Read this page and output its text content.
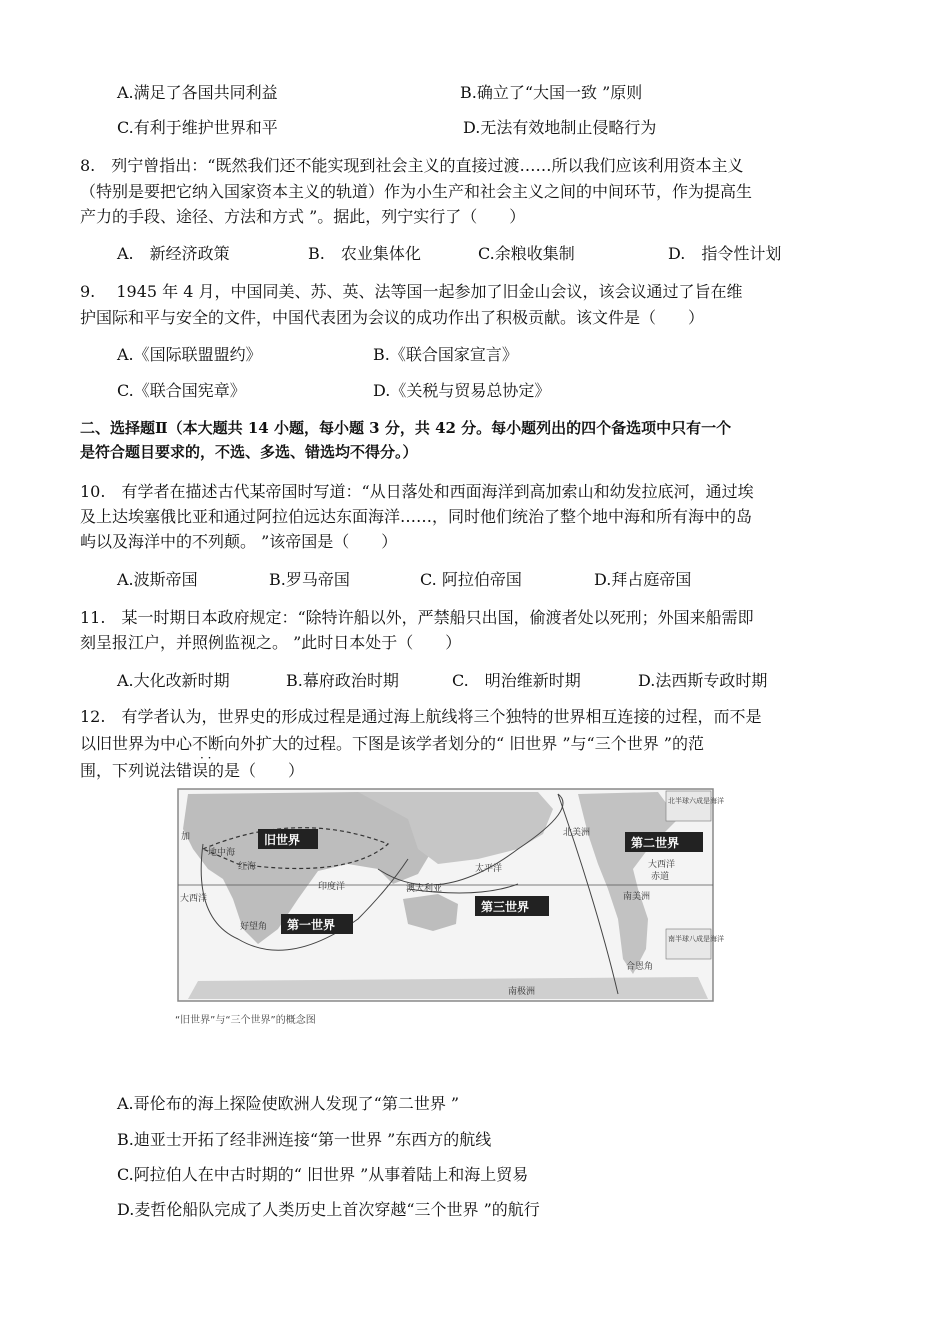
A.满足了各国共同利益	B.确立了“大国一致 ”原则
C.有利于维护世界和平	D.无法有效地制止侵略行为
8.　列宁曾指出：“既然我们还不能实现到社会主义的直接过渡……所以我们应该利用资本主义
（特别是要把它纳入国家资本主义的轨道）作为小生产和社会主义之间的中间环节，作为提高生
产力的手段、途径、方法和方式 ”。据此，列宁实行了（　　）
A.　新经济政策	B.　农业集体化	C.余粮收集制	D.　指令性计划
9.　 1945 年 4 月，中国同美、苏、英、法等国一起参加了旧金山会议，该会议通过了旨在维
护国际和平与安全的文件，中国代表团为会议的成功作出了积极贡献。该文件是（　　）
A.《国际联盟盟约》	B.《联合国家宣言》
C.《联合国宪章》	D.《关税与贸易总协定》
二、选择题Ⅱ（本大题共 14 小题，每小题 3 分，共 42 分。每小题列出的四个备选项中只有一个
是符合题目要求的，不选、多选、错选均不得分。）
10.　有学者在描述古代某帝国时写道：“从日落处和西面海洋到高加索山和幼发拉底河，通过埃
及上达埃塞俄比亚和通过阿拉伯远达东面海洋……，同时他们统治了整个地中海和所有海中的岛
屿以及海洋中的不列颠。 ”该帝国是（　　）
A.波斯帝国	B.罗马帝国	C. 阿拉伯帝国	D.拜占庭帝国
11.　某一时期日本政府规定：“除特许船以外，严禁船只出国，偷渡者处以死刑；外国来船需即
刻呈报江户，并照例监视之。 ”此时日本处于（　　）
A.大化改新时期	B.幕府政治时期	C.　明治维新时期	D.法西斯专政时期
12.　有学者认为，世界史的形成过程是通过海上航线将三个独特的世界相互连接的过程，而不是
以旧世界为中心不断向外扩大的过程。下图是该学者划分的“ 旧世界 ”与“三个世界 ”的范
· ·
围，下列说法错误的是（　　）
旧世界
第一世界
第二世界
第三世界
加
地中海
红海
大西洋
印度洋
太平洋
澳大利亚
好望角
北美洲
南美洲
大西洋
赤道
合恩角
南极洲
北半球六成是海洋
南半球八成是海洋
“旧世界”与“三个世界”的概念图
A.哥伦布的海上探险使欧洲人发现了“第二世界 ”
B.迪亚士开拓了经非洲连接“第一世界 ”东西方的航线
C.阿拉伯人在中古时期的“ 旧世界 ”从事着陆上和海上贸易
D.麦哲伦船队完成了人类历史上首次穿越“三个世界 ”的航行
